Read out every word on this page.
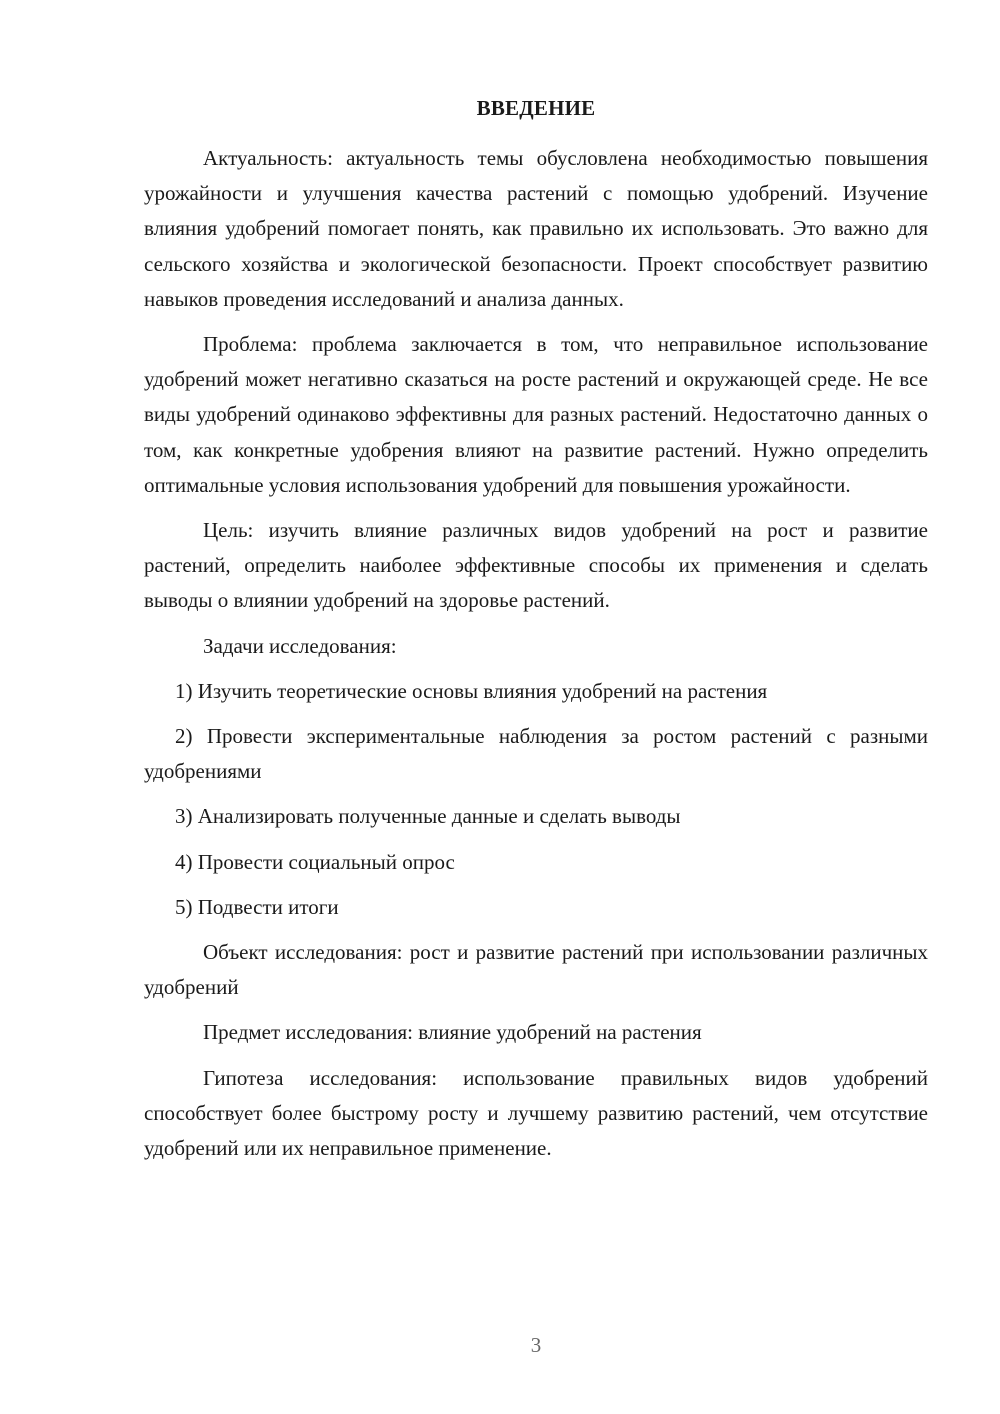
ВВЕДЕНИЕ

Актуальность: актуальность темы обусловлена необходимостью повышения урожайности и улучшения качества растений с помощью удобрений. Изучение влияния удобрений помогает понять, как правильно их использовать. Это важно для сельского хозяйства и экологической безопасности. Проект способствует развитию навыков проведения исследований и анализа данных.

Проблема: проблема заключается в том, что неправильное использование удобрений может негативно сказаться на росте растений и окружающей среде. Не все виды удобрений одинаково эффективны для разных растений. Недостаточно данных о том, как конкретные удобрения влияют на развитие растений. Нужно определить оптимальные условия использования удобрений для повышения урожайности.

Цель: изучить влияние различных видов удобрений на рост и развитие растений, определить наиболее эффективные способы их применения и сделать выводы о влиянии удобрений на здоровье растений.

Задачи исследования:

1) Изучить теоретические основы влияния удобрений на растения

2) Провести экспериментальные наблюдения за ростом растений с разными удобрениями

3) Анализировать полученные данные и сделать выводы

4) Провести социальный опрос

5) Подвести итоги

Объект исследования: рост и развитие растений при использовании различных удобрений

Предмет исследования: влияние удобрений на растения

Гипотеза исследования: использование правильных видов удобрений способствует более быстрому росту и лучшему развитию растений, чем отсутствие удобрений или их неправильное применение.

3
